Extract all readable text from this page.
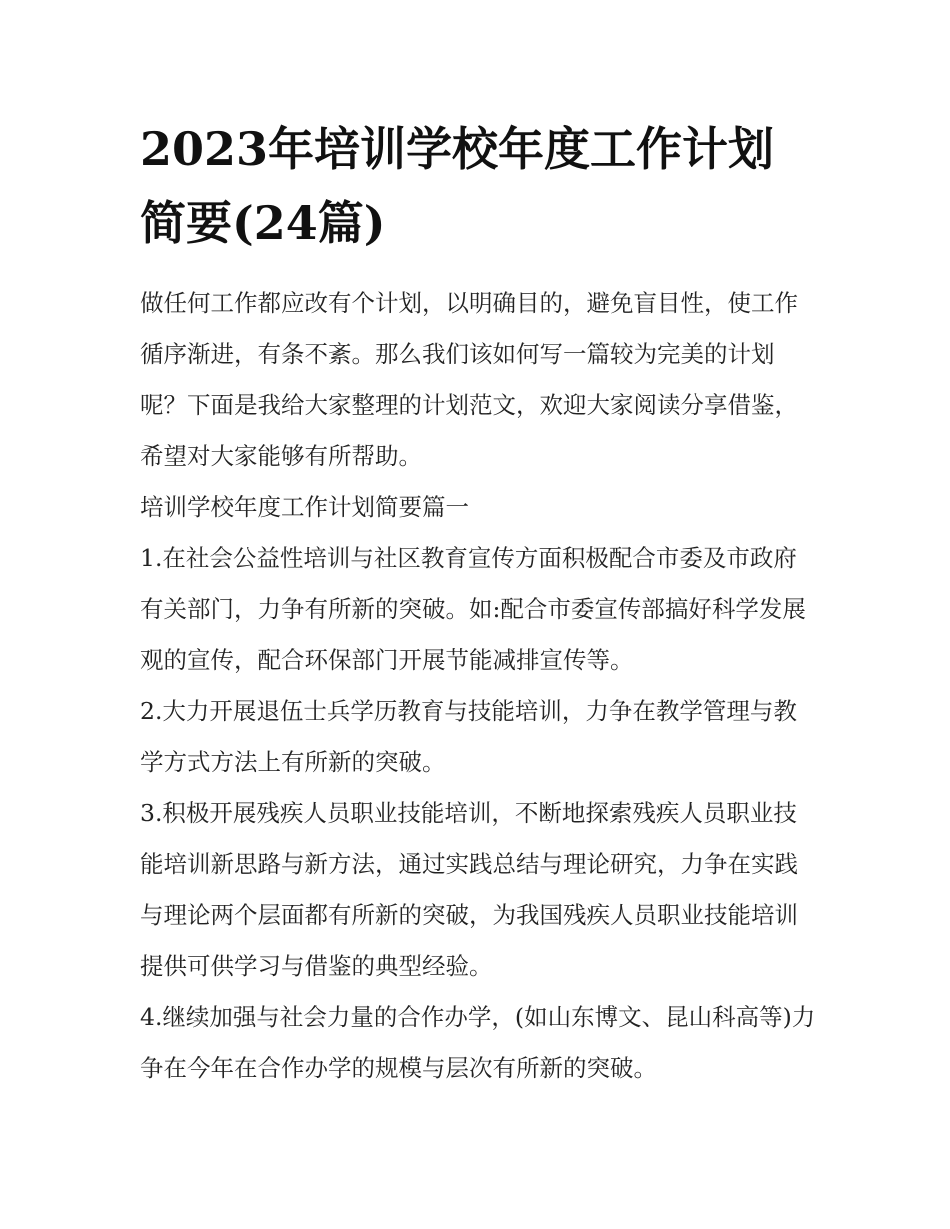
2023年培训学校年度工作计划简要(24篇)

做任何工作都应改有个计划，以明确目的，避免盲目性，使工作循序渐进，有条不紊。那么我们该如何写一篇较为完美的计划呢？下面是我给大家整理的计划范文，欢迎大家阅读分享借鉴，希望对大家能够有所帮助。

培训学校年度工作计划简要篇一

1.在社会公益性培训与社区教育宣传方面积极配合市委及市政府有关部门，力争有所新的突破。如:配合市委宣传部搞好科学发展观的宣传，配合环保部门开展节能减排宣传等。

2.大力开展退伍士兵学历教育与技能培训，力争在教学管理与教学方式方法上有所新的突破。

3.积极开展残疾人员职业技能培训，不断地探索残疾人员职业技能培训新思路与新方法，通过实践总结与理论研究，力争在实践与理论两个层面都有所新的突破，为我国残疾人员职业技能培训提供可供学习与借鉴的典型经验。

4.继续加强与社会力量的合作办学，(如山东博文、昆山科高等)力争在今年在合作办学的规模与层次有所新的突破。
